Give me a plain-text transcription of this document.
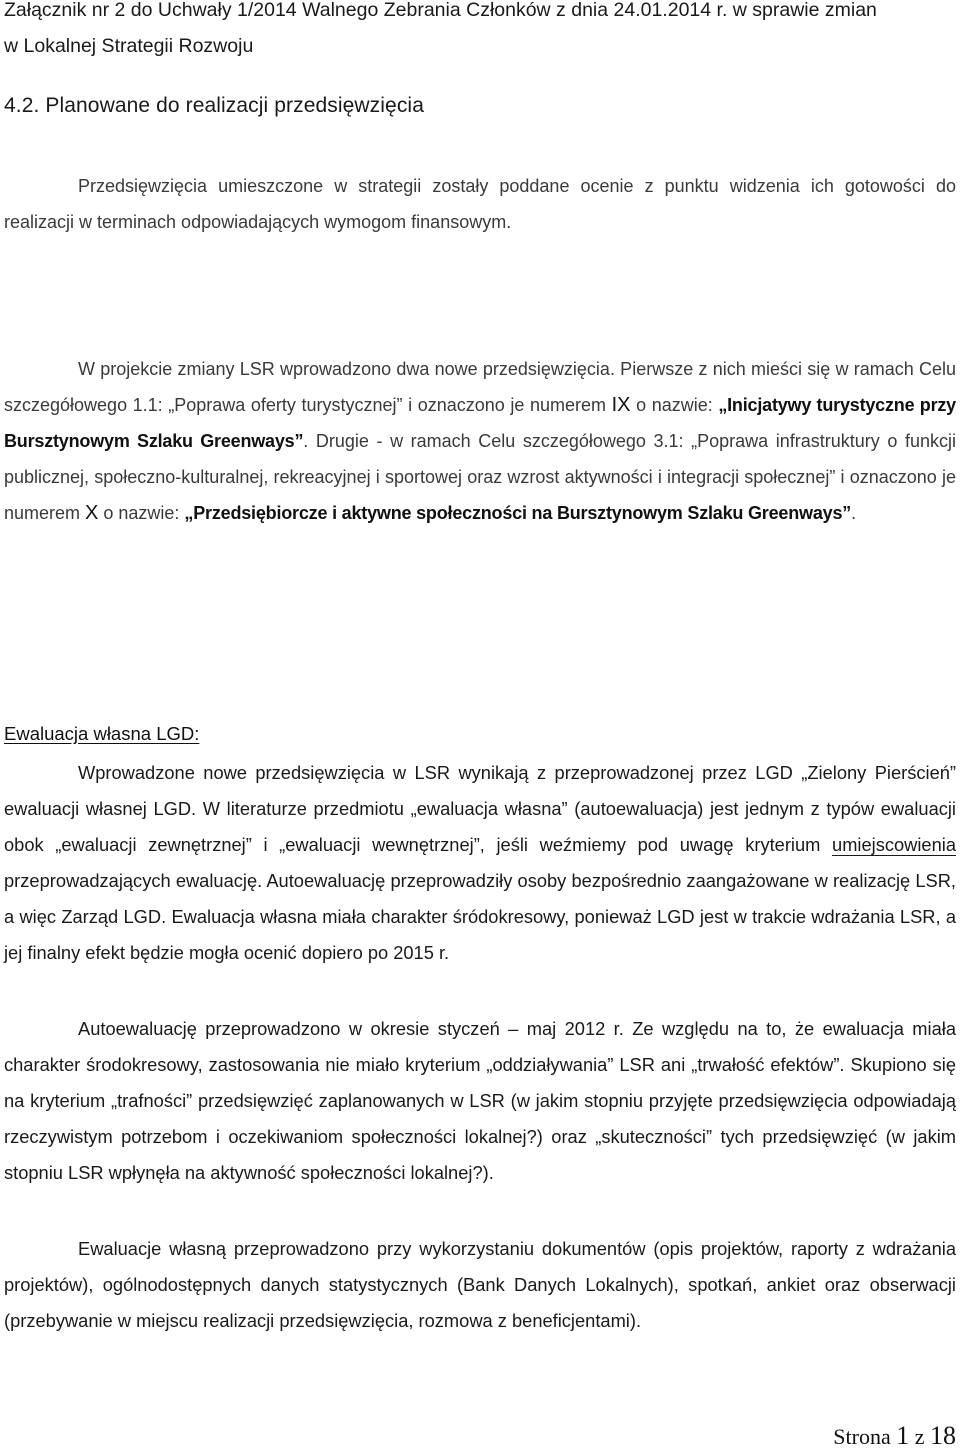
Załącznik nr 2 do Uchwały 1/2014 Walnego Zebrania Członków z dnia 24.01.2014 r. w sprawie zmian

w Lokalnej Strategii Rozwoju

4.2. Planowane do realizacji przedsięwzięcia

Przedsięwzięcia umieszczone w strategii zostały poddane ocenie z punktu widzenia ich gotowości do realizacji w terminach odpowiadających wymogom finansowym.

W projekcie zmiany LSR wprowadzono dwa nowe przedsięwzięcia. Pierwsze z nich mieści się w ramach Celu szczegółowego 1.1: „Poprawa oferty turystycznej” i oznaczono je numerem IX o nazwie: „Inicjatywy turystyczne przy Bursztynowym Szlaku Greenways”. Drugie - w ramach Celu szczegółowego 3.1: „Poprawa infrastruktury o funkcji publicznej, społeczno-kulturalnej, rekreacyjnej i sportowej oraz wzrost aktywności i integracji społecznej” i oznaczono je numerem X o nazwie: „Przedsiębiorcze i aktywne społeczności na Bursztynowym Szlaku Greenways”.

Ewaluacja własna LGD:

Wprowadzone nowe przedsięwzięcia w LSR wynikają z przeprowadzonej przez LGD „Zielony Pierścień” ewaluacji własnej LGD. W literaturze przedmiotu „ewaluacja własna” (autoewaluacja) jest jednym z typów ewaluacji obok „ewaluacji zewnętrznej” i „ewaluacji wewnętrznej”, jeśli weźmiemy pod uwagę kryterium umiejscowienia przeprowadzających ewaluację. Autoewaluację przeprowadziły osoby bezpośrednio zaangażowane w realizację LSR, a więc Zarząd LGD. Ewaluacja własna miała charakter śródokresowy, ponieważ LGD jest w trakcie wdrażania LSR, a jej finalny efekt będzie mogła ocenić dopiero po 2015 r.

Autoewaluację przeprowadzono w okresie styczeń – maj 2012 r. Ze względu na to, że ewaluacja miała charakter środokresowy, zastosowania nie miało kryterium „oddziaływania” LSR ani „trwałość efektów”. Skupiono się na kryterium „trafności” przedsięwzięć zaplanowanych w LSR (w jakim stopniu przyjęte przedsięwzięcia odpowiadają rzeczywistym potrzebom i oczekiwaniom społeczności lokalnej?) oraz „skuteczności” tych przedsięwzięć (w jakim stopniu LSR wpłynęła na aktywność społeczności lokalnej?).

Ewaluacje własną przeprowadzono przy wykorzystaniu dokumentów (opis projektów, raporty z wdrażania projektów), ogólnodostępnych danych statystycznych (Bank Danych Lokalnych), spotkań, ankiet oraz obserwacji (przebywanie w miejscu realizacji przedsięwzięcia, rozmowa z beneficjentami).

Strona 1 z 18
